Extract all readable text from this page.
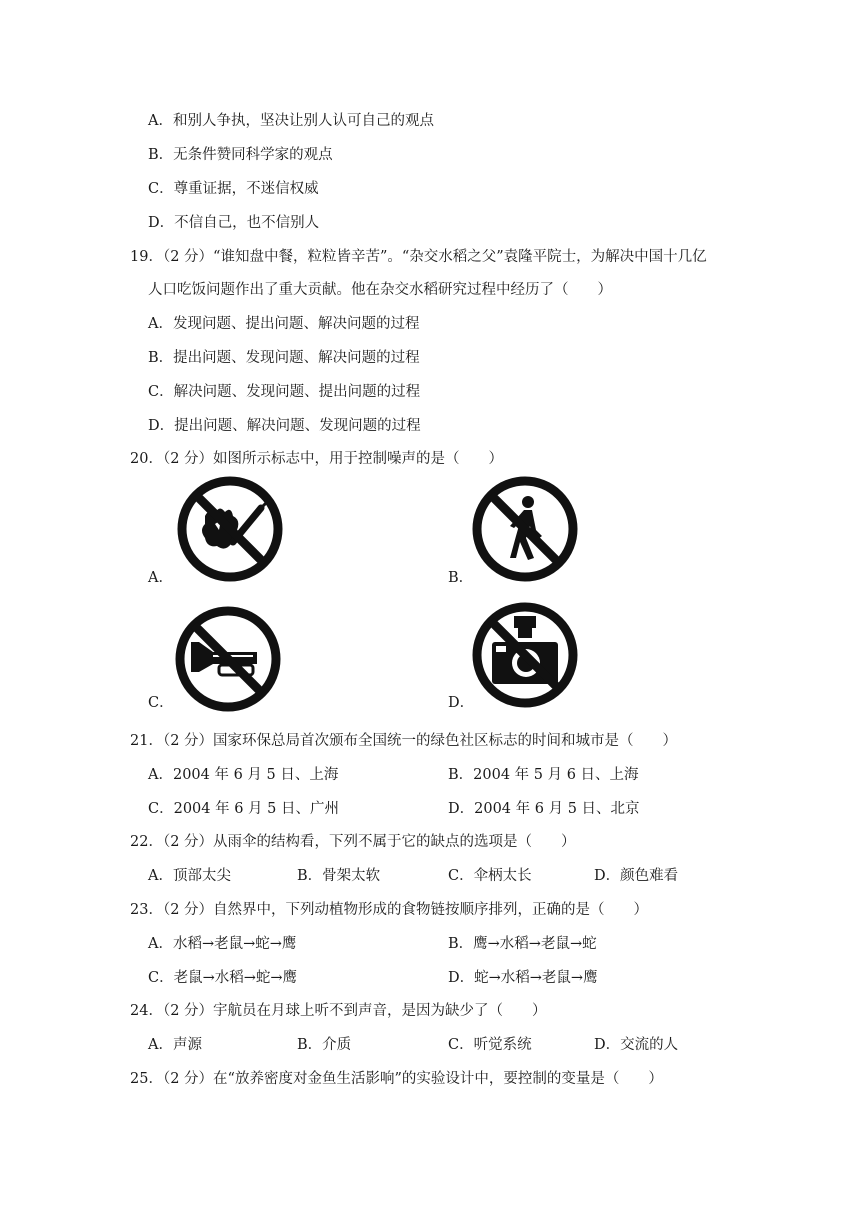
A．和别人争执，坚决让别人认可自己的观点
B．无条件赞同科学家的观点
C．尊重证据，不迷信权威
D．不信自己，也不信别人
19．（2 分）“谁知盘中餐，粒粒皆辛苦”。“杂交水稻之父”袁隆平院士，为解决中国十几亿
人口吃饭问题作出了重大贡献。他在杂交水稻研究过程中经历了（　　）
A．发现问题、提出问题、解决问题的过程
B．提出问题、发现问题、解决问题的过程
C．解决问题、发现问题、提出问题的过程
D．提出问题、解决问题、发现问题的过程
20．（2 分）如图所示标志中，用于控制噪声的是（　　）
A．	B．
C．	D．
21．（2 分）国家环保总局首次颁布全国统一的绿色社区标志的时间和城市是（　　）
A．2004 年 6 月 5 日、上海	B．2004 年 5 月 6 日、上海
C．2004 年 6 月 5 日、广州	D．2004 年 6 月 5 日、北京
22．（2 分）从雨伞的结构看，下列不属于它的缺点的选项是（　　）
A．顶部太尖	B．骨架太软	C．伞柄太长	D．颜色难看
23．（2 分）自然界中，下列动植物形成的食物链按顺序排列，正确的是（　　）
A．水稻→老鼠→蛇→鹰	B．鹰→水稻→老鼠→蛇
C．老鼠→水稻→蛇→鹰	D．蛇→水稻→老鼠→鹰
24．（2 分）宇航员在月球上听不到声音，是因为缺少了（　　）
A．声源	B．介质	C．听觉系统	D．交流的人
25．（2 分）在“放养密度对金鱼生活影响”的实验设计中，要控制的变量是（　　）
